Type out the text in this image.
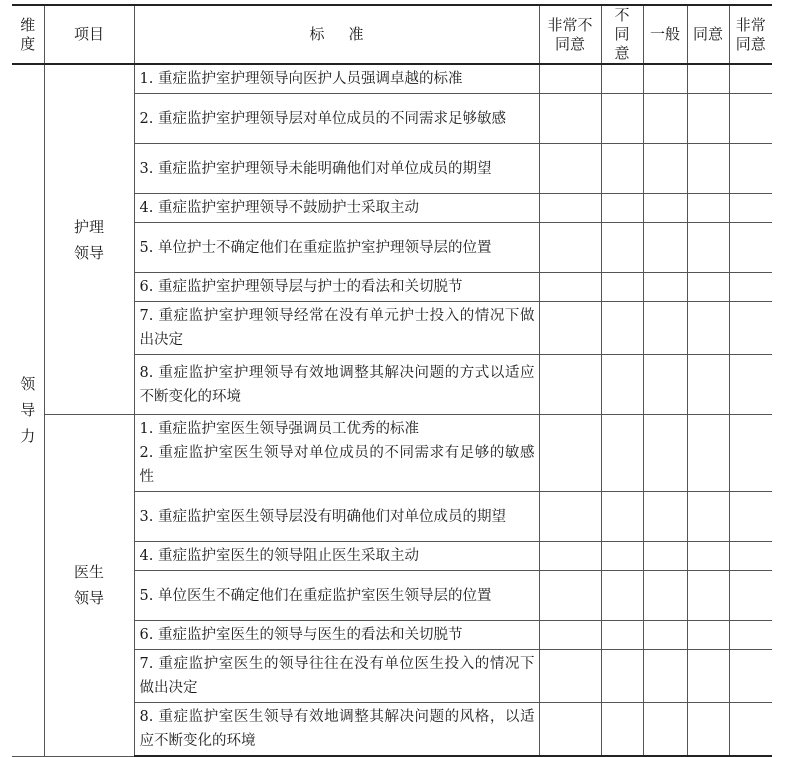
维度	项目	标准	非常不同意	不同意	一般	同意	非常同意

领导力	护理领导	1. 重症监护室护理领导向医护人员强调卓越的标准					

		2. 重症监护室护理领导层对单位成员的不同需求足够敏感					

		3. 重症监护室护理领导未能明确他们对单位成员的期望					

		4. 重症监护室护理领导不鼓励护士采取主动					

		5. 单位护士不确定他们在重症监护室护理领导层的位置					

		6. 重症监护室护理领导层与护士的看法和关切脱节					

		7. 重症监护室护理领导经常在没有单元护士投入的情况下做出决定					

		8. 重症监护室护理领导有效地调整其解决问题的方式以适应不断变化的环境					

	医生领导	1. 重症监护室医生领导强调员工优秀的标准
2. 重症监护室医生领导对单位成员的不同需求有足够的敏感性					

		3. 重症监护室医生领导层没有明确他们对单位成员的期望					

		4. 重症监护室医生的领导阻止医生采取主动					

		5. 单位医生不确定他们在重症监护室医生领导层的位置					

		6. 重症监护室医生的领导与医生的看法和关切脱节					

		7. 重症监护室医生的领导往往在没有单位医生投入的情况下做出决定					

		8. 重症监护室医生领导有效地调整其解决问题的风格，以适应不断变化的环境					
